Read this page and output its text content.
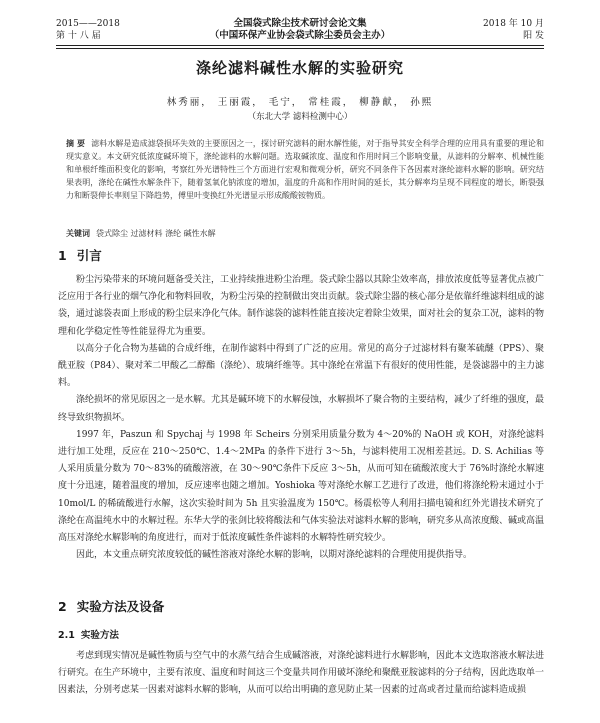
2015——2018
第 十 八 届
全国袋式除尘技术研讨会论文集
（中国环保产业协会袋式除尘委员会主办）
2018 年 10 月
阳 发
涤纶滤料碱性水解的实验研究
林秀丽， 王丽霞， 毛宁， 常桂霞， 柳静献， 孙熙
（东北大学 滤料检测中心）
摘 要 滤料水解是造成滤袋损坏失效的主要原因之一，探讨研究滤料的耐水解性能，对于指导其安全科学合理的应用具有重要的理论和现实意义。本文研究低浓度碱环境下，涤纶滤料的水解问题。选取碱浓度、温度和作用时间三个影响变量，从滤料的分解率、机械性能和单根纤维面积变化的影响，考察红外光谱特性三个方面进行宏观和微观分析，研究不同条件下各因素对涤纶滤料水解的影响。研究结果表明，涤纶在碱性水解条件下，随着氢氧化钠浓度的增加，温度的升高和作用时间的延长，其分解率均呈现不同程度的增长，断裂强力和断裂伸长率则呈下降趋势，傅里叶变换红外光谱显示形成酸酸铵物质。
关键词 袋式除尘 过滤材料 涤纶 碱性水解
1 引言

粉尘污染带来的环境问题备受关注，工业持续推进粉尘治理。袋式除尘器以其除尘效率高，排放浓度低等显著优点被广泛应用于各行业的烟气净化和物料回收，为粉尘污染的控制做出突出贡献。袋式除尘器的核心部分是依靠纤维滤料组成的滤袋，通过滤袋表面上形成的粉尘层来净化气体。制作滤袋的滤料性能直接决定着除尘效果，面对社会的复杂工况，滤料的物理和化学稳定性等性能显得尤为重要。

以高分子化合物为基础的合成纤维，在制作滤料中得到了广泛的应用。常见的高分子过滤材料有聚苯硫醚（PPS）、聚酰亚胺（P84）、聚对苯二甲酸乙二醇酯（涤纶）、玻璃纤维等。其中涤纶在常温下有很好的使用性能，是袋滤器中的主力滤料。

涤纶损坏的常见原因之一是水解。尤其是碱环境下的水解侵蚀，水解损坏了聚合物的主要结构，减少了纤维的强度，最终导致织物损坏。

1997 年，Paszun 和 Spychaj 与 1998 年 Scheirs 分别采用质量分数为 4～20%的 NaOH 或 KOH，对涤纶滤料进行加工处理，反应在 210～250℃、1.4～2MPa 的条件下进行 3～5h，与滤料使用工况相差甚远。D. S. Achilias 等人采用质量分数为 70～83%的硫酸溶液，在 30～90℃条件下反应 3～5h，从而可知在硫酸浓度大于 76%时涤纶水解速度十分迅速，随着温度的增加，反应速率也随之增加。Yoshioka 等对涤纶水解工艺进行了改进，他们将涤纶粉末通过小于 10mol/L 的稀硫酸进行水解，这次实验时间为 5h 且实验温度为 150℃。杨震松等人利用扫描电镜和红外光谱技术研究了涤纶在高温纯水中的水解过程。东华大学的张剑比较将酸法和气体实验法对滤料水解的影响，研究多从高浓度酸、碱或高温高压对涤纶水解影响的角度进行，而对于低浓度碱性条件滤料的水解特性研究较少。

因此，本文重点研究浓度较低的碱性溶液对涤纶水解的影响，以期对涤纶滤料的合理使用提供指导。

2 实验方法及设备
2.1 实验方法

考虑到现实情况是碱性物质与空气中的水蒸气结合生成碱溶液，对涤纶滤料进行水解影响，因此本文选取溶液水解法进行研究。在生产环境中，主要有浓度、温度和时间这三个变量共同作用破坏涤纶和聚酰亚胺滤料的分子结构，因此选取单一因素法，分别考虑某一因素对滤料水解的影响，从而可以给出明确的意见防止某一因素的过高或者过量而给滤料造成损
